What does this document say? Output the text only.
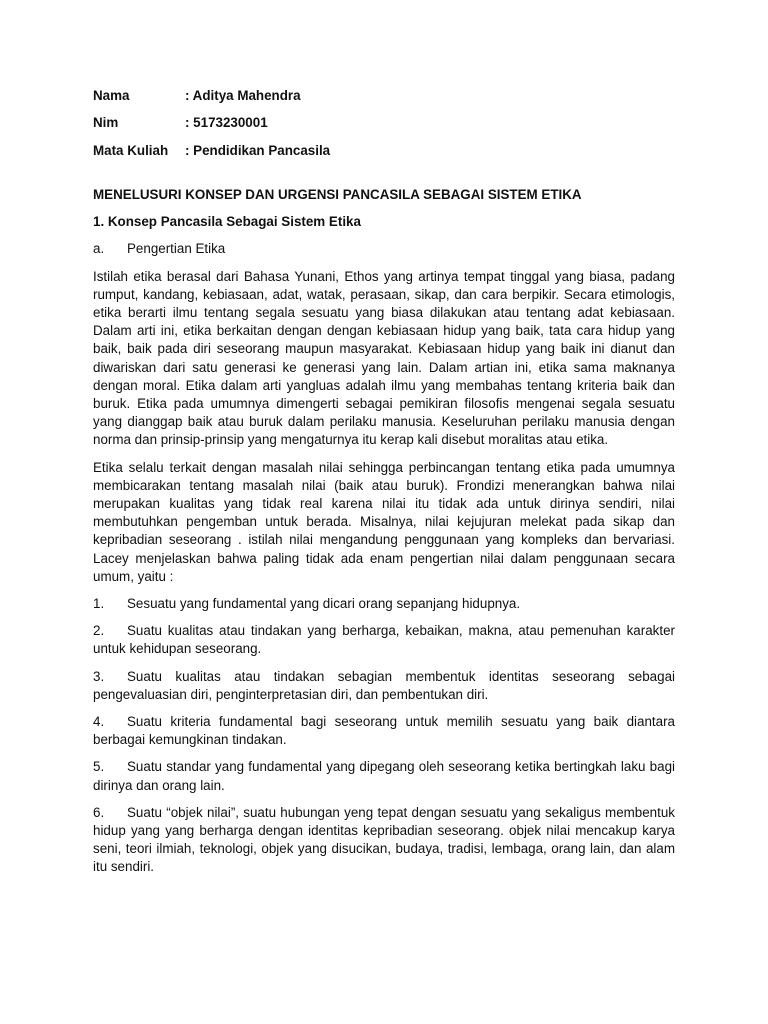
Nama	: Aditya Mahendra
Nim	: 5173230001
Mata Kuliah	: Pendidikan Pancasila
MENELUSURI KONSEP DAN URGENSI PANCASILA SEBAGAI SISTEM ETIKA
1. Konsep Pancasila Sebagai Sistem Etika
a.	Pengertian Etika

Istilah etika berasal dari Bahasa Yunani, Ethos yang artinya tempat tinggal yang biasa, padang rumput, kandang, kebiasaan, adat, watak, perasaan, sikap, dan cara berpikir. Secara etimologis, etika berarti ilmu tentang segala sesuatu yang biasa dilakukan atau tentang adat kebiasaan. Dalam arti ini, etika berkaitan dengan dengan kebiasaan hidup yang baik, tata cara hidup yang baik, baik pada diri seseorang maupun masyarakat. Kebiasaan hidup yang baik ini dianut dan diwariskan dari satu generasi ke generasi yang lain. Dalam artian ini, etika sama maknanya dengan moral. Etika dalam arti yangluas adalah ilmu yang membahas tentang kriteria baik dan buruk. Etika pada umumnya dimengerti sebagai pemikiran filosofis mengenai segala sesuatu yang dianggap baik atau buruk dalam perilaku manusia. Keseluruhan perilaku manusia dengan norma dan prinsip-prinsip yang mengaturnya itu kerap kali disebut moralitas atau etika.

Etika selalu terkait dengan masalah nilai sehingga perbincangan tentang etika pada umumnya membicarakan tentang masalah nilai (baik atau buruk). Frondizi menerangkan bahwa nilai merupakan kualitas yang tidak real karena nilai itu tidak ada untuk dirinya sendiri, nilai membutuhkan pengemban untuk berada. Misalnya, nilai kejujuran melekat pada sikap dan kepribadian seseorang . istilah nilai mengandung penggunaan yang kompleks dan bervariasi. Lacey menjelaskan bahwa paling tidak ada enam pengertian nilai dalam penggunaan secara umum, yaitu :

1. Sesuatu yang fundamental yang dicari orang sepanjang hidupnya.
2. Suatu kualitas atau tindakan yang berharga, kebaikan, makna, atau pemenuhan karakter untuk kehidupan seseorang.
3. Suatu kualitas atau tindakan sebagian membentuk identitas seseorang sebagai pengevaluasian diri, penginterpretasian diri, dan pembentukan diri.
4. Suatu kriteria fundamental bagi seseorang untuk memilih sesuatu yang baik diantara berbagai kemungkinan tindakan.
5. Suatu standar yang fundamental yang dipegang oleh seseorang ketika bertingkah laku bagi dirinya dan orang lain.
6. Suatu “objek nilai”, suatu hubungan yeng tepat dengan sesuatu yang sekaligus membentuk hidup yang yang berharga dengan identitas kepribadian seseorang. objek nilai mencakup karya seni, teori ilmiah, teknologi, objek yang disucikan, budaya, tradisi, lembaga, orang lain, dan alam itu sendiri.
